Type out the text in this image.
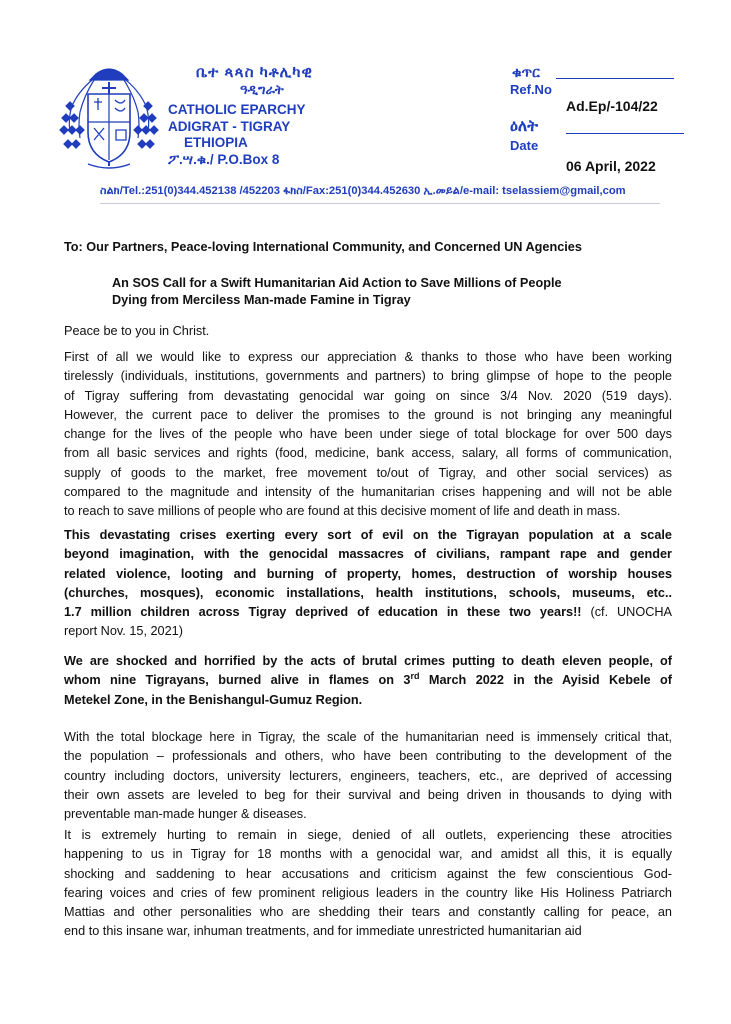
ቤተ ጳጳስ ካቶሊካዊ
ዓዲግራት
CATHOLIC EPARCHY
ADIGRAT - TIGRAY
ETHIOPIA
ፖ.ሣ.ቁ./ P.O.Box 8
ቁጥር
Ref.No
Ad.Ep/-104/22
ዕለት
Date
06 April, 2022
ስልክ/Tel.:251(0)344.452138 /452203 ፋክስ/Fax:251(0)344.452630 ኢ.መይል/e-mail: tselassiem@gmail,com
To: Our Partners, Peace-loving International Community, and Concerned UN Agencies
An SOS Call for a Swift Humanitarian Aid Action to Save Millions of People
Dying from Merciless Man-made Famine in Tigray
Peace be to you in Christ.
First of all we would like to express our appreciation & thanks to those who have been working
tirelessly (individuals, institutions, governments and partners) to bring glimpse of hope to the people
of Tigray suffering from devastating genocidal war going on since 3/4 Nov. 2020 (519 days).
However, the current pace to deliver the promises to the ground is not bringing any meaningful
change for the lives of the people who have been under siege of total blockage for over 500 days
from all basic services and rights (food, medicine, bank access, salary, all forms of communication,
supply of goods to the market, free movement to/out of Tigray, and other social services) as
compared to the magnitude and intensity of the humanitarian crises happening and will not be able
to reach to save millions of people who are found at this decisive moment of life and death in mass.
This devastating crises exerting every sort of evil on the Tigrayan population at a scale
beyond imagination, with the genocidal massacres of civilians, rampant rape and gender
related violence, looting and burning of property, homes, destruction of worship houses
(churches, mosques), economic installations, health institutions, schools, museums, etc..
1.7 million children across Tigray deprived of education in these two years!! (cf. UNOCHA
report Nov. 15, 2021)
We are shocked and horrified by the acts of brutal crimes putting to death eleven people, of
whom nine Tigrayans, burned alive in flames on 3rd March 2022 in the Ayisid Kebele of
Metekel Zone, in the Benishangul-Gumuz Region.
With the total blockage here in Tigray, the scale of the humanitarian need is immensely critical that,
the population – professionals and others, who have been contributing to the development of the
country including doctors, university lecturers, engineers, teachers, etc., are deprived of accessing
their own assets are leveled to beg for their survival and being driven in thousands to dying with
preventable man-made hunger & diseases.
It is extremely hurting to remain in siege, denied of all outlets, experiencing these atrocities
happening to us in Tigray for 18 months with a genocidal war, and amidst all this, it is equally
shocking and saddening to hear accusations and criticism against the few conscientious God-
fearing voices and cries of few prominent religious leaders in the country like His Holiness Patriarch
Mattias and other personalities who are shedding their tears and constantly calling for peace, an
end to this insane war, inhuman treatments, and for immediate unrestricted humanitarian aid
